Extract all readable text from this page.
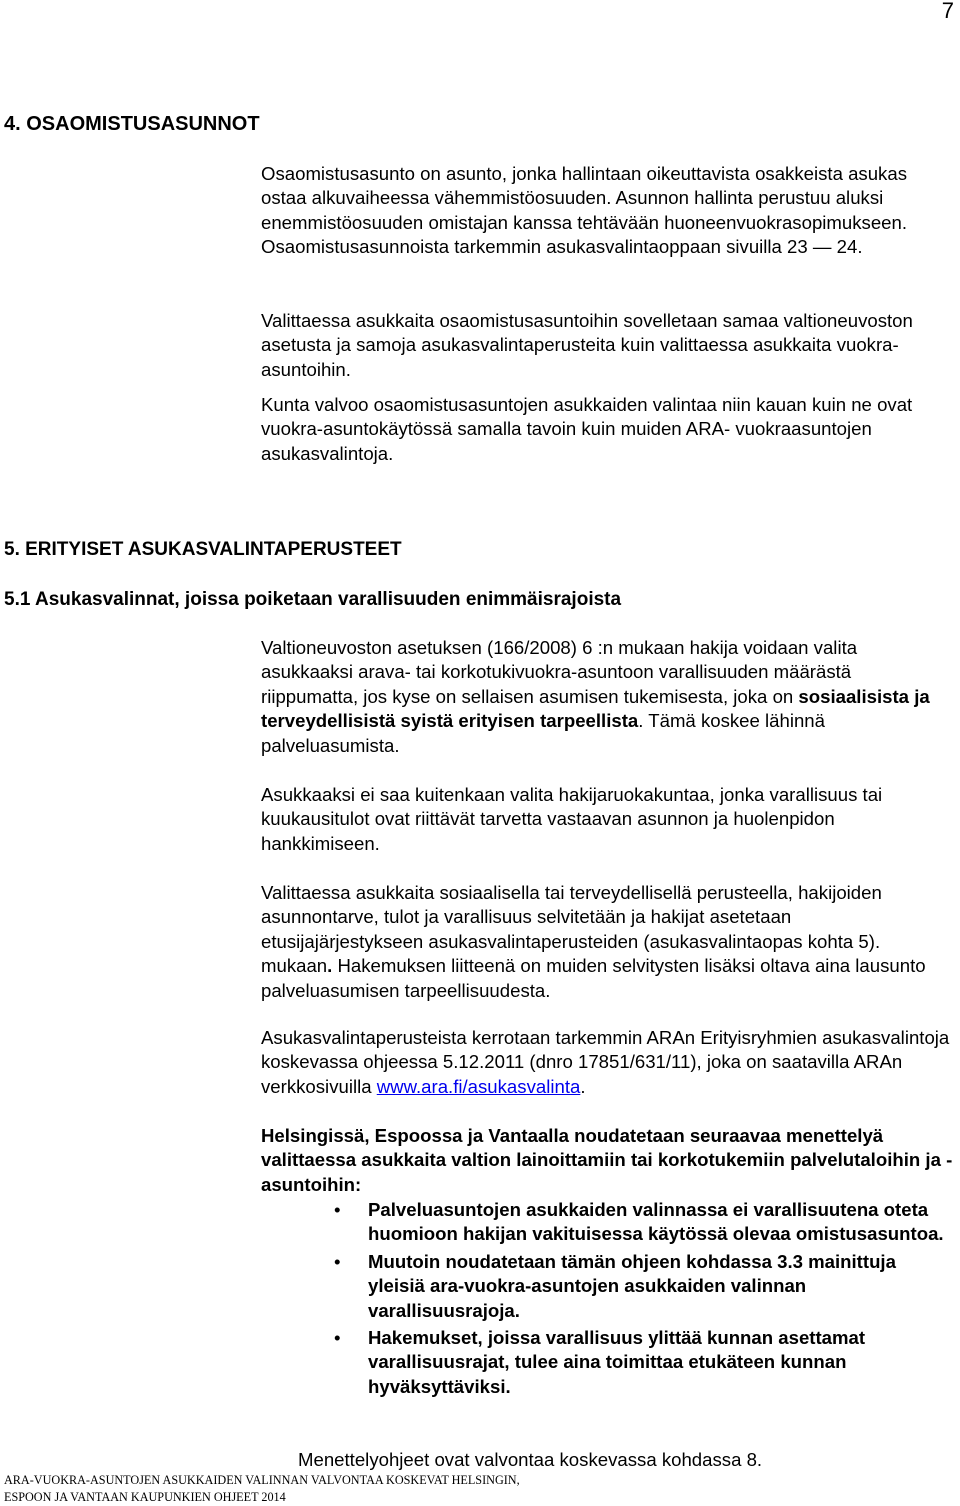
7
4. OSAOMISTUSASUNNOT

Osaomistusasunto on asunto, jonka hallintaan oikeuttavista osakkeista asukas ostaa alkuvaiheessa vähemmistöosuuden. Asunnon hallinta perustuu aluksi enemmistöosuuden omistajan kanssa tehtävään huoneenvuokrasopimukseen. Osaomistusasunnoista tarkemmin asukasvalintaoppaan sivuilla 23 — 24.

Valittaessa asukkaita osaomistusasuntoihin sovelletaan samaa valtioneuvoston asetusta ja samoja asukasvalintaperusteita kuin valittaessa asukkaita vuokra-asuntoihin.

Kunta valvoo osaomistusasuntojen asukkaiden valintaa niin kauan kuin ne ovat vuokra-asuntokäytössä samalla tavoin kuin muiden ARA- vuokraasuntojen asukasvalintoja.

5. ERITYISET ASUKASVALINTAPERUSTEET
5.1 Asukasvalinnat, joissa poiketaan varallisuuden enimmäisrajoista

Valtioneuvoston asetuksen (166/2008) 6 :n mukaan hakija voidaan valita asukkaaksi arava- tai korkotukivuokra-asuntoon varallisuuden määrästä riippumatta, jos kyse on sellaisen asumisen tukemisesta, joka on sosiaalisista ja terveydellisistä syistä erityisen tarpeellista. Tämä koskee lähinnä palveluasumista.

Asukkaaksi ei saa kuitenkaan valita hakijaruokakuntaa, jonka varallisuus tai kuukausitulot ovat riittävät tarvetta vastaavan asunnon ja huolenpidon hankkimiseen.

Valittaessa asukkaita sosiaalisella tai terveydellisellä perusteella, hakijoiden asunnontarve, tulot ja varallisuus selvitetään ja hakijat asetetaan etusijajärjestykseen asukasvalintaperusteiden (asukasvalintaopas kohta 5). mukaan. Hakemuksen liitteenä on muiden selvitysten lisäksi oltava aina lausunto palveluasumisen tarpeellisuudesta.

Asukasvalintaperusteista kerrotaan tarkemmin ARAn Erityisryhmien asukasvalintoja koskevassa ohjeessa 5.12.2011 (dnro 17851/631/11), joka on saatavilla ARAn verkkosivuilla www.ara.fi/asukasvalinta.

Helsingissä, Espoossa ja Vantaalla noudatetaan seuraavaa menettelyä valittaessa asukkaita valtion lainoittamiin tai korkotukemiin palvelutaloihin ja -asuntoihin:

• Palveluasuntojen asukkaiden valinnassa ei varallisuutena oteta huomioon hakijan vakituisessa käytössä olevaa omistusasuntoa.
• Muutoin noudatetaan tämän ohjeen kohdassa 3.3 mainittuja yleisiä ara-vuokra-asuntojen asukkaiden valinnan varallisuusrajoja.
• Hakemukset, joissa varallisuus ylittää kunnan asettamat varallisuusrajat, tulee aina toimittaa etukäteen kunnan hyväksyttäviksi.
Menettelyohjeet ovat valvontaa koskevassa kohdassa 8.
ARA-VUOKRA-ASUNTOJEN ASUKKAIDEN VALINNAN VALVONTAA KOSKEVAT HELSINGIN,
ESPOON JA VANTAAN KAUPUNKIEN OHJEET 2014
